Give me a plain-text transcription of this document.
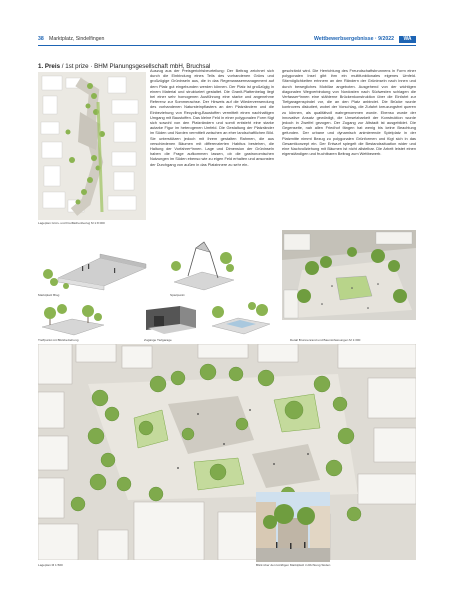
38 Marktplatz, Sindelfingen	Wettbewerbsergebnisse · 9/2022	WA
1. Preis / 1st prize · BHM Planungsgesellschaft mbH, Bruchsal
Lageplan Grün- und Freiflächenbezug M 1:8 000
Auszug aus der Preisgerichtsbeurteilung: Der Beitrag zeichnet sich durch die Einbindung eines Teils des vorhandenen Grüns und großzügige Grüninseln aus, die in das Regenwassermanagement auf dem Platz gut eingebunden werden können. Der Platz ist großzügig in einem Material und strukturiert gestaltet. Die Granit-Plattenbelag liegt bei einer sehr homogenen Ausführung eine starke und angenehme Referenz zur Sommerachse. Der Hinweis auf die Wiederverwendung des vorhandenen Natursteinpflasters an den Platzrändern und die Einbeziehung von Recycling-Baustoffen vermittelt einen nachhaltigen Umgang mit Baustoffen. Das kleine Feld in einer polygonalen Form fügt sich sowohl von den Platzrändern und somit entsteht eine starke autarke Figur im heterogenen Umfeld. Die Gestaltung der Platzränder im Süden und Norden vermittelt zwischen an eher landschaftlichen Bild. Sie unterstützen jedoch mit ihrem gestalten Rahmen, die aus verschiedenen Bäumen mit differenzierten Habitus bestehen, die Haltung der Vorfahrer*innen. Lage und Dimension der Grüninseln haben die Frage aufkommen lassen, ob die gastronomischen Nutzungen im Süden ebenso wie zu eigen Feld erhalten und ansonsten der Durchgang von außen in das Platzinnere zu sehr ein-
geschränkt wird. Die Herrichtung des Freundschaftsbrunnens in Form einer polygonalen Insel gibt ihm ein multifunktionales eigenes Umfeld. Sitzmöglichkeiten erinnern an den Rändern der Grüninseln nach innen und durch bewegliches Mobiliar angeboten. Ausgehend von der wichtigen diagonalen Wegverbindung von Nordosten nach Südwesten schlagen die Verfasser*innen eine stählerne Brückenkonstruktion über die Einfahrt zur Tiefgaragenspindel vor, die an den Platz anbindet. Die Brücke wurde kontrovers diskutiert, wobei der Vorschlag, die Zufahrt kreuzungsfrei queren zu können, als qualitätvoll wahrgenommen wurde. Ebenso wurde der innovative Ansatz gewürdigt, die Umsetzbarkeit der Konstruktion wurde jedoch in Zweifel gezogen. Der Zugang zur Altstadt ist ausgebildet. Die Gegenseite, nah allen Friedhof fängen hat wenig bis keine Beachtung gefunden. Der urbane und dynamisch animierende Spielplatz in der Platzmitte nimmt Bezug zu polygonalen Grünformen und fügt sich in das Gesamtkonzept ein. Der Entwurf spiegelt die Bestandssituation wider und eine Nachvollziehung mit Bäumen ist nicht allstelbar. Die Arbeit leistet einen eigenständigen und fruchtbaren Beitrag zum Wettbewerb.
Marktplatz Blog	Spielpunkt
Treffpunkt mit Blickbeziehung	Zugänge Tiefgarage	Detail Brunnenrand und Bauminfassungen M 1:300
Lageplan M 1:500	Blick über den künftigen Marktplatz in Richtung Süden
